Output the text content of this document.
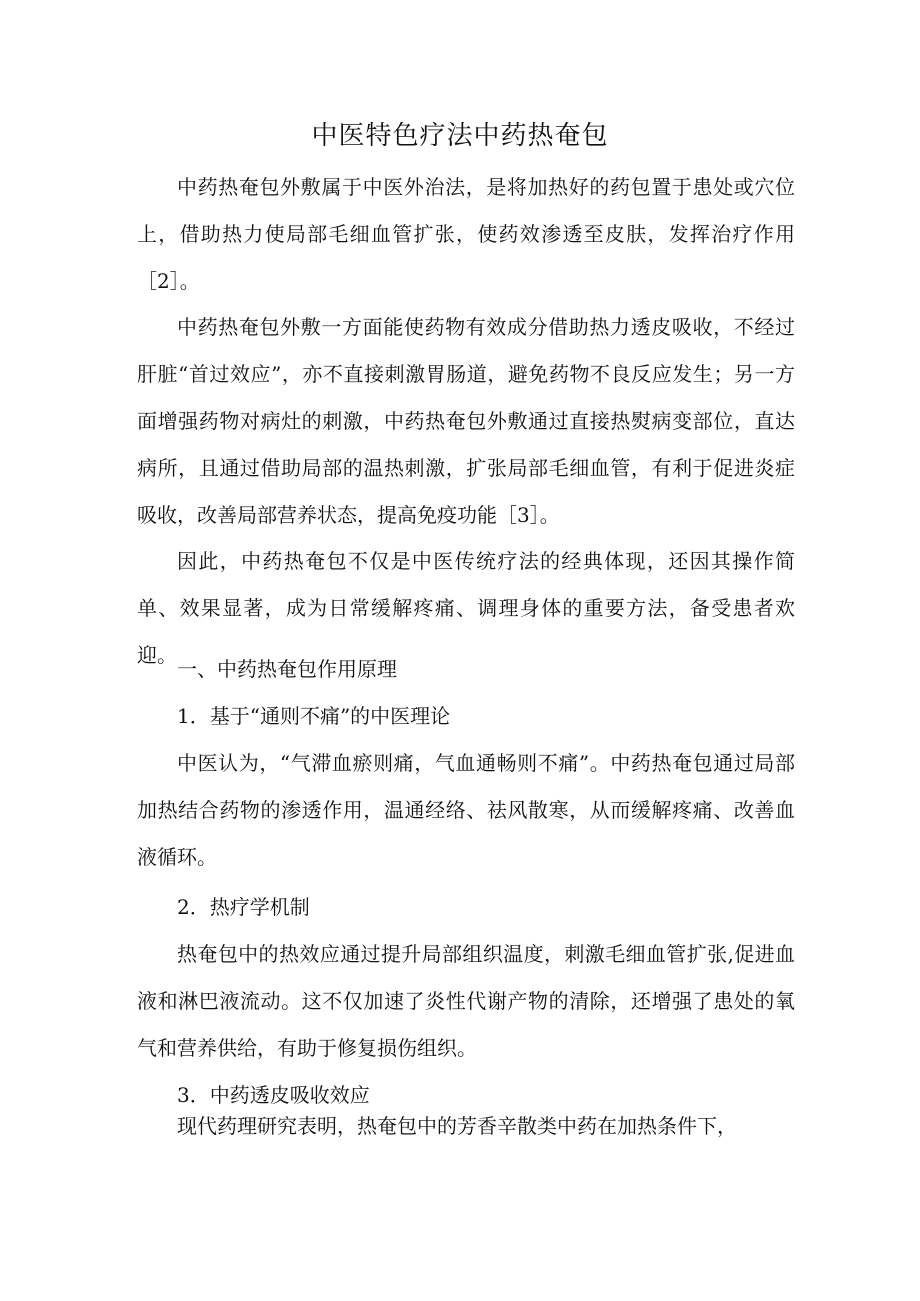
中医特色疗法中药热奄包

中药热奄包外敷属于中医外治法，是将加热好的药包置于患处或穴位上，借助热力使局部毛细血管扩张，使药效渗透至皮肤，发挥治疗作用［2］。

中药热奄包外敷一方面能使药物有效成分借助热力透皮吸收，不经过肝脏“首过效应”，亦不直接刺激胃肠道，避免药物不良反应发生；另一方面增强药物对病灶的刺激，中药热奄包外敷通过直接热熨病变部位，直达病所，且通过借助局部的温热刺激，扩张局部毛细血管，有利于促进炎症吸收，改善局部营养状态，提高免疫功能［3］。

因此，中药热奄包不仅是中医传统疗法的经典体现，还因其操作简单、效果显著，成为日常缓解疼痛、调理身体的重要方法，备受患者欢迎。

一、中药热奄包作用原理

1．基于“通则不痛”的中医理论

中医认为，“气滞血瘀则痛，气血通畅则不痛”。中药热奄包通过局部加热结合药物的渗透作用，温通经络、祛风散寒，从而缓解疼痛、改善血液循环。

2．热疗学机制

热奄包中的热效应通过提升局部组织温度，刺激毛细血管扩张,促进血液和淋巴液流动。这不仅加速了炎性代谢产物的清除，还增强了患处的氧气和营养供给，有助于修复损伤组织。

3．中药透皮吸收效应

现代药理研究表明，热奄包中的芳香辛散类中药在加热条件下，
